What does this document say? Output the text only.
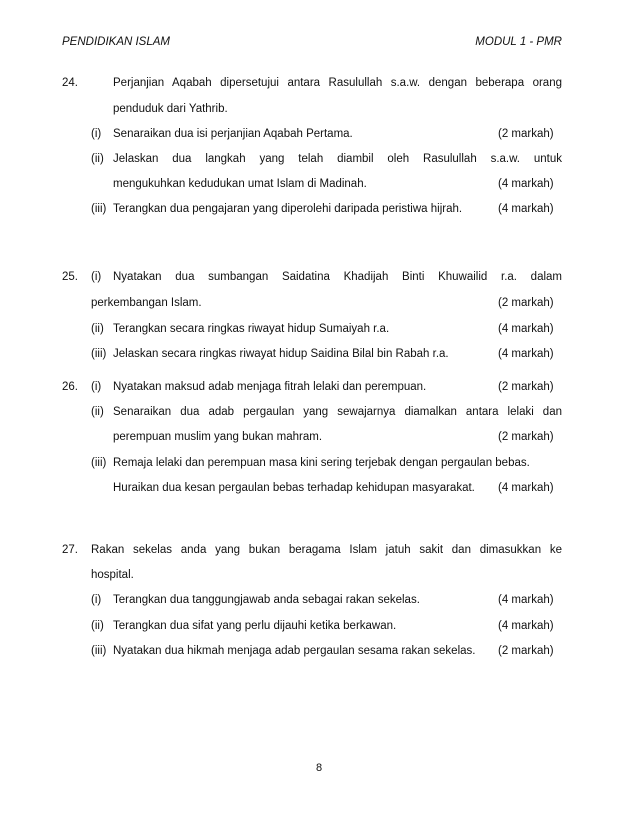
PENDIDIKAN ISLAM	MODUL 1 - PMR
24.	Perjanjian Aqabah dipersetujui antara Rasulullah s.a.w. dengan beberapa orang
penduduk dari Yathrib.
(i) Senaraikan dua isi perjanjian Aqabah Pertama.	(2 markah)
(ii) Jelaskan dua langkah yang telah diambil oleh Rasulullah s.a.w. untuk
mengukuhkan kedudukan umat Islam di Madinah.	(4 markah)
(iii) Terangkan dua pengajaran yang diperolehi daripada peristiwa hijrah.	(4 markah)
25. (i) Nyatakan dua sumbangan Saidatina Khadijah Binti Khuwailid r.a. dalam
perkembangan Islam.	(2 markah)
(ii) Terangkan secara ringkas riwayat hidup Sumaiyah r.a.	(4 markah)
(iii) Jelaskan secara ringkas riwayat hidup Saidina Bilal bin Rabah r.a.	(4 markah)
26. (i) Nyatakan maksud adab menjaga fitrah lelaki dan perempuan.	(2 markah)
(ii) Senaraikan dua adab pergaulan yang sewajarnya diamalkan antara lelaki dan
perempuan muslim yang bukan mahram.	(2 markah)
(iii) Remaja lelaki dan perempuan masa kini sering terjebak dengan pergaulan bebas.
Huraikan dua kesan pergaulan bebas terhadap kehidupan masyarakat. (4 markah)
27. Rakan sekelas anda yang bukan beragama Islam jatuh sakit dan dimasukkan ke
hospital.
(i) Terangkan dua tanggungjawab anda sebagai rakan sekelas.	(4 markah)
(ii) Terangkan dua sifat yang perlu dijauhi ketika berkawan.	(4 markah)
(iii) Nyatakan dua hikmah menjaga adab pergaulan sesama rakan sekelas. (2 markah)
8
